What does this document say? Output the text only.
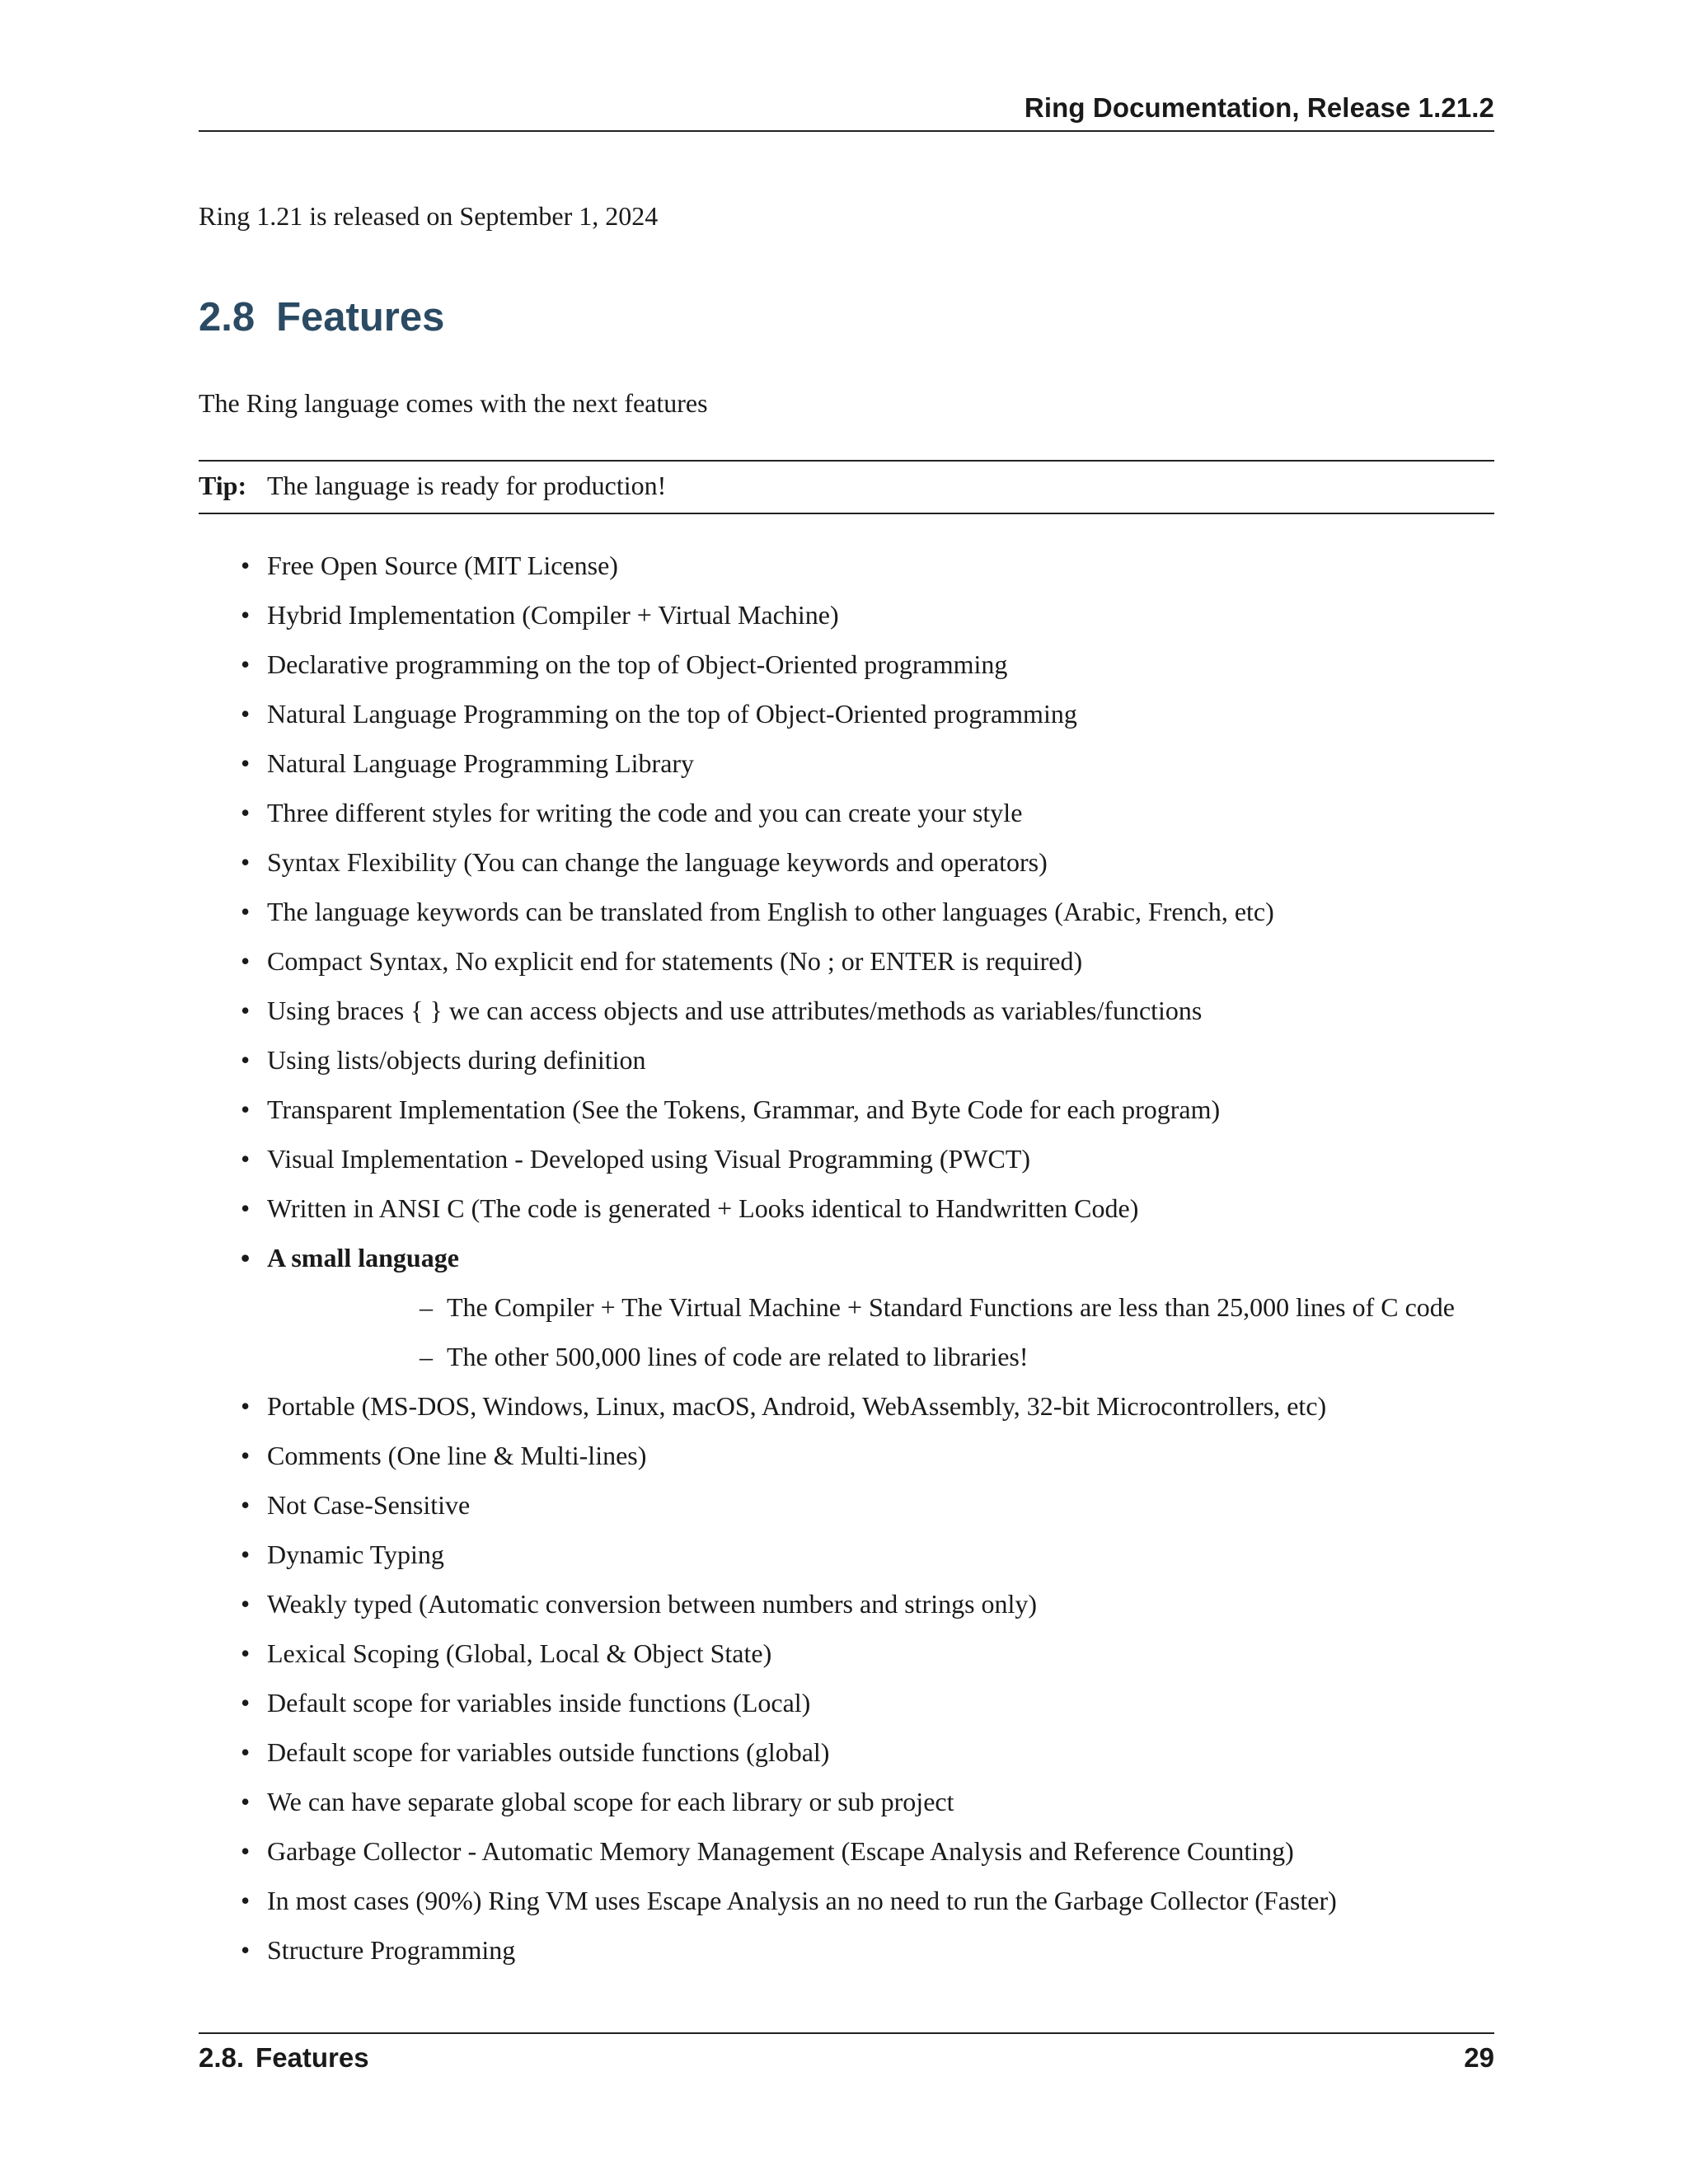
Ring Documentation, Release 1.21.2

Ring 1.21 is released on September 1, 2024

2.8 Features

The Ring language comes with the next features

Tip: The language is ready for production!
• Free Open Source (MIT License)
• Hybrid Implementation (Compiler + Virtual Machine)
• Declarative programming on the top of Object-Oriented programming
• Natural Language Programming on the top of Object-Oriented programming
• Natural Language Programming Library
• Three different styles for writing the code and you can create your style
• Syntax Flexibility (You can change the language keywords and operators)
• The language keywords can be translated from English to other languages (Arabic, French, etc)
• Compact Syntax, No explicit end for statements (No ; or ENTER is required)
• Using braces { } we can access objects and use attributes/methods as variables/functions
• Using lists/objects during definition
• Transparent Implementation (See the Tokens, Grammar, and Byte Code for each program)
• Visual Implementation - Developed using Visual Programming (PWCT)
• Written in ANSI C (The code is generated + Looks identical to Handwritten Code)
• A small language
– The Compiler + The Virtual Machine + Standard Functions are less than 25,000 lines of C code
– The other 500,000 lines of code are related to libraries!
• Portable (MS-DOS, Windows, Linux, macOS, Android, WebAssembly, 32-bit Microcontrollers, etc)
• Comments (One line & Multi-lines)
• Not Case-Sensitive
• Dynamic Typing
• Weakly typed (Automatic conversion between numbers and strings only)
• Lexical Scoping (Global, Local & Object State)
• Default scope for variables inside functions (Local)
• Default scope for variables outside functions (global)
• We can have separate global scope for each library or sub project
• Garbage Collector - Automatic Memory Management (Escape Analysis and Reference Counting)
• In most cases (90%) Ring VM uses Escape Analysis an no need to run the Garbage Collector (Faster)
• Structure Programming
2.8. Features	29
